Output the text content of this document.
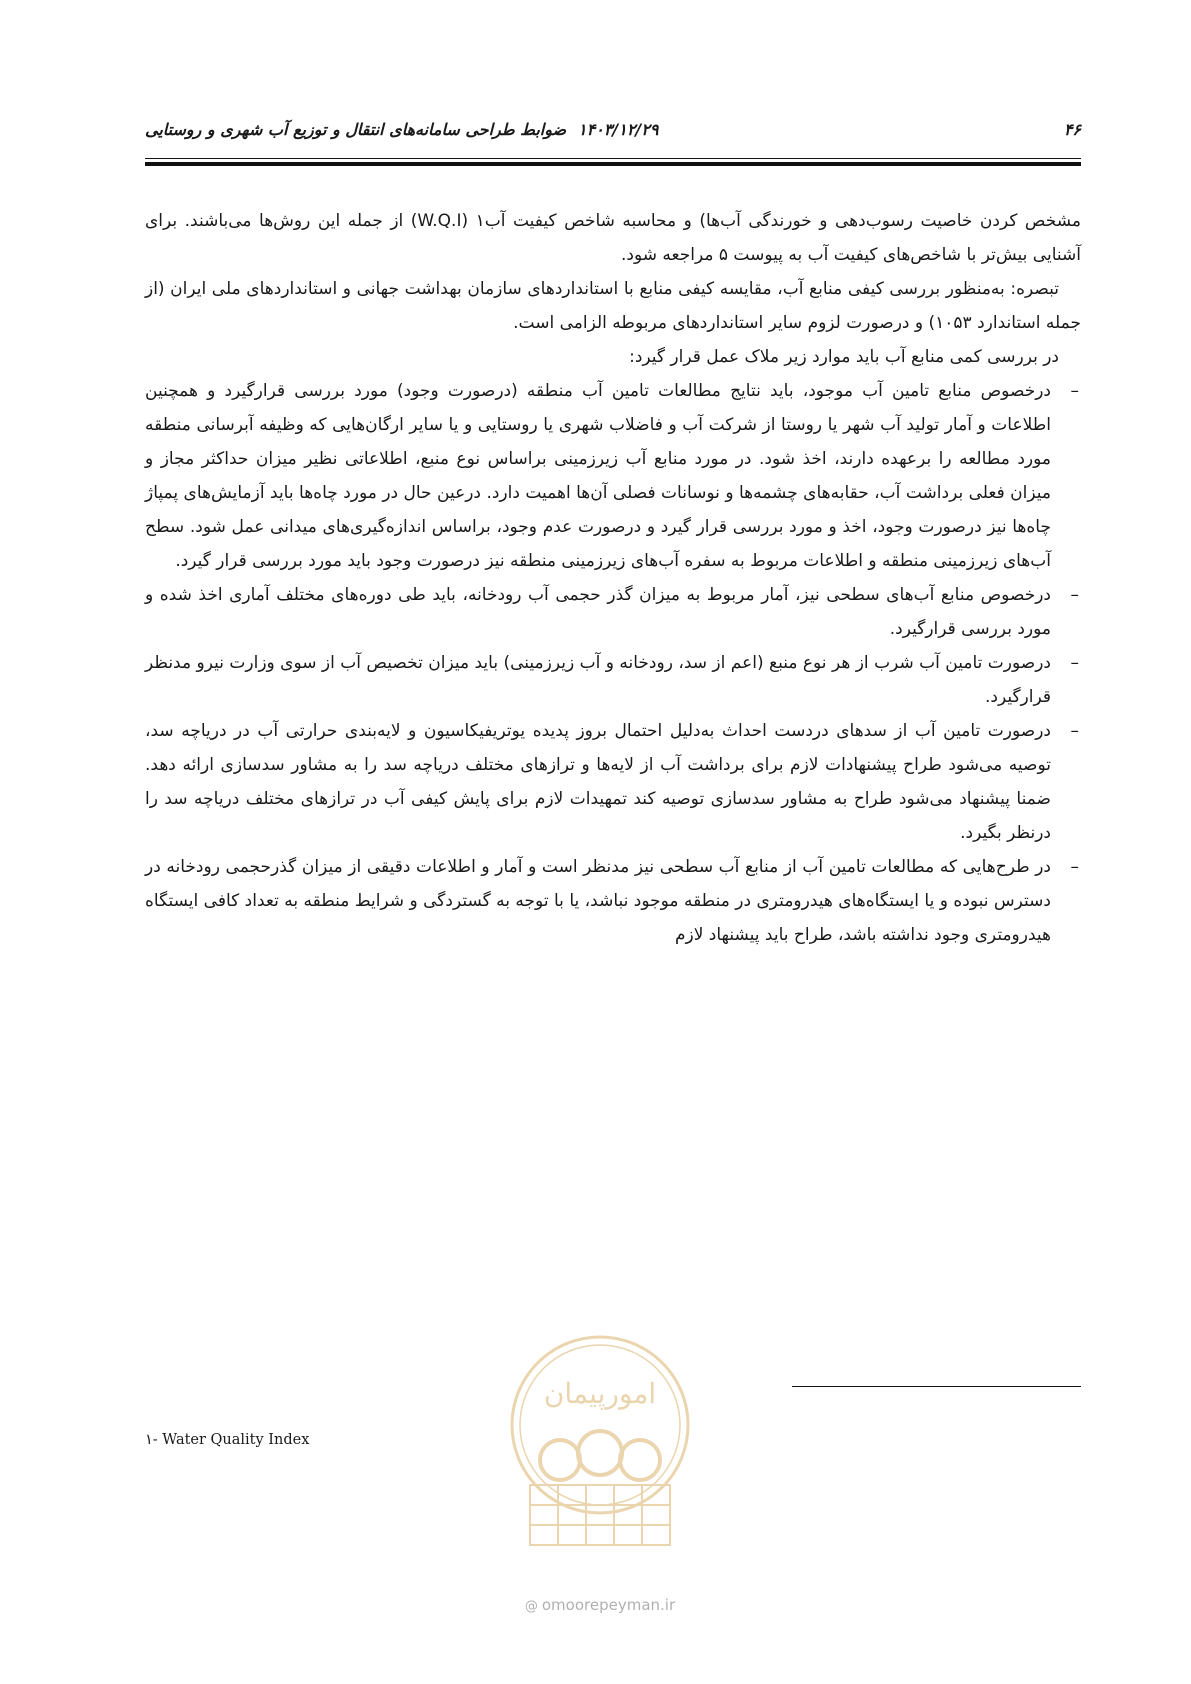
۴۶
۱۴۰۳/۱۲/۲۹
ضوابط طراحی سامانه‌های انتقال و توزیع آب شهری و روستایی

مشخص کردن خاصیت رسوب‌دهی و خورندگی آب‌ها) و محاسبه شاخص کیفیت آب۱ (W.Q.I) از جمله این روش‌ها می‌باشند. برای آشنایی بیش‌تر با شاخص‌های کیفیت آب به پیوست ۵ مراجعه شود.

تبصره: به‌منظور بررسی کیفی منابع آب، مقایسه کیفی منابع با استانداردهای سازمان بهداشت جهانی و استانداردهای ملی ایران (از جمله استاندارد ۱۰۵۳) و درصورت لزوم سایر استانداردهای مربوطه الزامی است.

در بررسی کمی منابع آب باید موارد زیر ملاک عمل قرار گیرد:

–
درخصوص منابع تامین آب موجود، باید نتایج مطالعات تامین آب منطقه (درصورت وجود) مورد بررسی قرارگیرد و همچنین اطلاعات و آمار تولید آب شهر یا روستا از شرکت آب و فاضلاب شهری یا روستایی و یا سایر ارگان‌هایی که وظیفه آبرسانی منطقه مورد مطالعه را برعهده دارند، اخذ شود. در مورد منابع آب زیرزمینی براساس نوع منبع، اطلاعاتی نظیر میزان حداکثر مجاز و میزان فعلی برداشت آب، حقابه‌های چشمه‌ها و نوسانات فصلی آن‌ها اهمیت دارد. درعین حال در مورد چاه‌ها باید آزمایش‌های پمپاژ چاه‌ها نیز درصورت وجود، اخذ و مورد بررسی قرار گیرد و درصورت عدم وجود، براساس اندازه‌گیری‌های میدانی عمل شود. سطح آب‌های زیرزمینی منطقه و اطلاعات مربوط به سفره آب‌های زیرزمینی منطقه نیز درصورت وجود باید مورد بررسی قرار گیرد.
–
درخصوص منابع آب‌های سطحی نیز، آمار مربوط به میزان گذر حجمی آب رودخانه، باید طی دوره‌های مختلف آماری اخذ شده و مورد بررسی قرارگیرد.
–
درصورت تامین آب شرب از هر نوع منبع (اعم از سد، رودخانه و آب زیرزمینی) باید میزان تخصیص آب از سوی وزارت نیرو مدنظر قرارگیرد.
–
درصورت تامین آب از سدهای دردست احداث به‌دلیل احتمال بروز پدیده یوتریفیکاسیون و لایه‌بندی حرارتی آب در دریاچه سد، توصیه می‌شود طراح پیشنهادات لازم برای برداشت آب از لایه‌ها و ترازهای مختلف دریاچه سد را به مشاور سدسازی ارائه دهد. ضمنا پیشنهاد می‌شود طراح به مشاور سدسازی توصیه کند تمهیدات لازم برای پایش کیفی آب در ترازهای مختلف دریاچه سد را درنظر بگیرد.
–
در طرح‌هایی که مطالعات تامین آب از منابع آب سطحی نیز مدنظر است و آمار و اطلاعات دقیقی از میزان گذرحجمی رودخانه در دسترس نبوده و یا ایستگاه‌های هیدرومتری در منطقه موجود نباشد، یا با توجه به گستردگی و شرایط منطقه به تعداد کافی ایستگاه هیدرومتری وجود نداشته باشد، طراح باید پیشنهاد لازم
۱- Water Quality Index
امورپیمان
@ omoorepeyman.ir
